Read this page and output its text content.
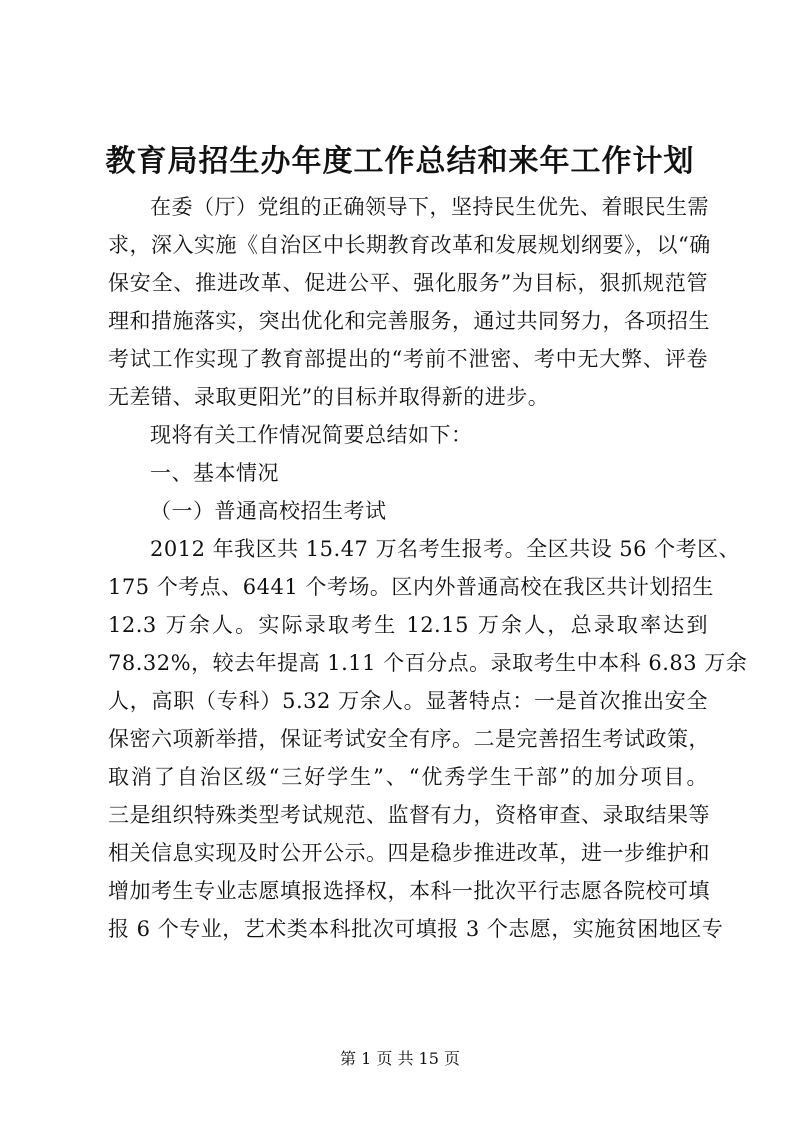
教育局招生办年度工作总结和来年工作计划
在委（厅）党组的正确领导下，坚持民生优先、着眼民生需
求，深入实施《自治区中长期教育改革和发展规划纲要》，以“确
保安全、推进改革、促进公平、强化服务”为目标，狠抓规范管
理和措施落实，突出优化和完善服务，通过共同努力，各项招生
考试工作实现了教育部提出的“考前不泄密、考中无大弊、评卷
无差错、录取更阳光”的目标并取得新的进步。
现将有关工作情况简要总结如下：
一、基本情况
（一）普通高校招生考试
2012 年我区共 15.47 万名考生报考。全区共设 56 个考区、
175 个考点、6441 个考场。区内外普通高校在我区共计划招生
12.3 万余人。实际录取考生 12.15 万余人，总录取率达到
78.32%，较去年提高 1.11 个百分点。录取考生中本科 6.83 万余
人，高职（专科）5.32 万余人。显著特点：一是首次推出安全
保密六项新举措，保证考试安全有序。二是完善招生考试政策，
取消了自治区级“三好学生”、“优秀学生干部”的加分项目。
三是组织特殊类型考试规范、监督有力，资格审查、录取结果等
相关信息实现及时公开公示。四是稳步推进改革，进一步维护和
增加考生专业志愿填报选择权，本科一批次平行志愿各院校可填
报 6 个专业，艺术类本科批次可填报 3 个志愿，实施贫困地区专
第 1 页 共 15 页
